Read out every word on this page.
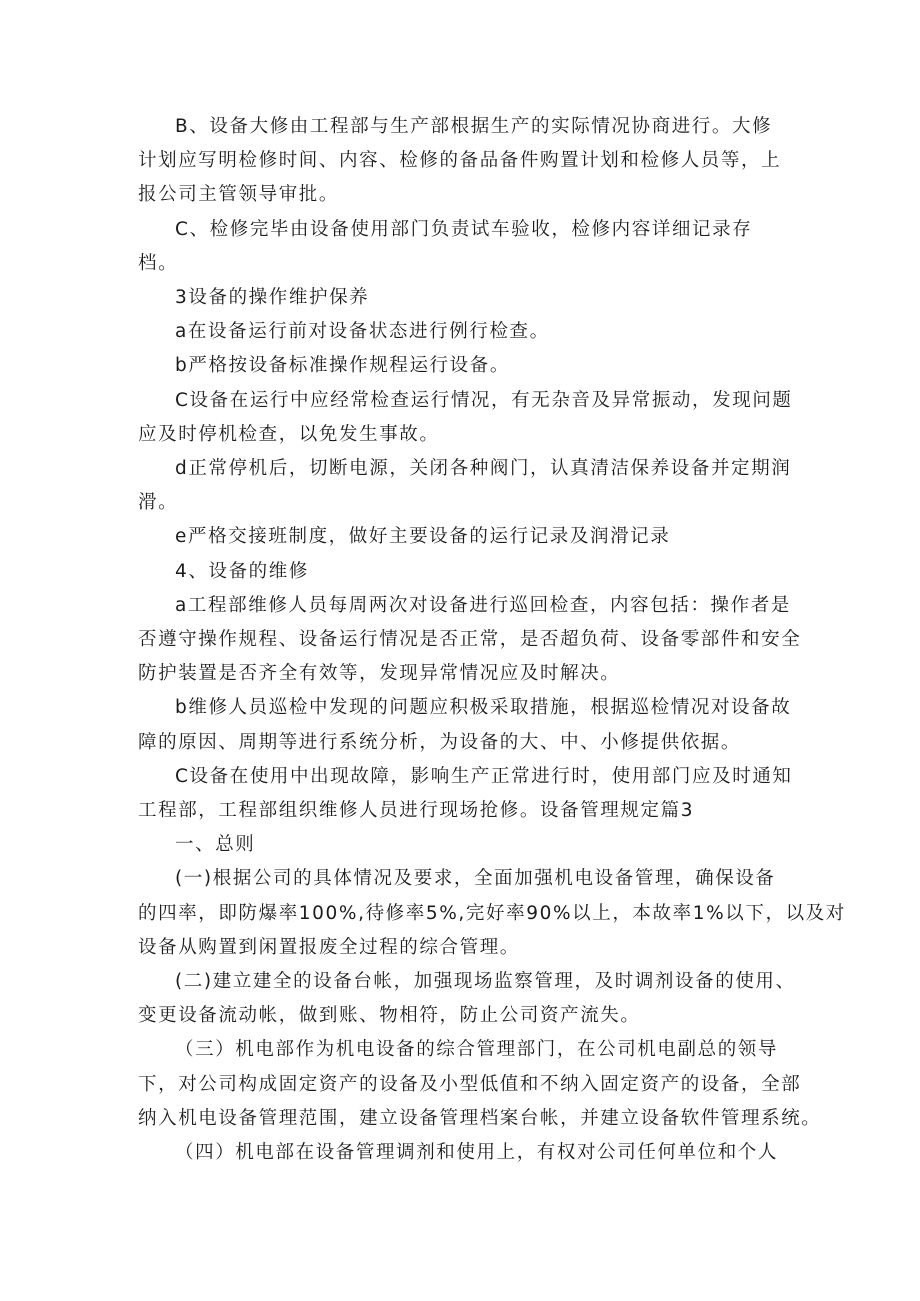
B、设备大修由工程部与生产部根据生产的实际情况协商进行。大修
计划应写明检修时间、内容、检修的备品备件购置计划和检修人员等，上
报公司主管领导审批。

C、检修完毕由设备使用部门负责试车验收，检修内容详细记录存
档。

3设备的操作维护保养

a在设备运行前对设备状态进行例行检查。

b严格按设备标准操作规程运行设备。

C设备在运行中应经常检查运行情况，有无杂音及异常振动，发现问题
应及时停机检查，以免发生事故。

d正常停机后，切断电源，关闭各种阀门，认真清洁保养设备并定期润
滑。

e严格交接班制度，做好主要设备的运行记录及润滑记录

4、设备的维修

a工程部维修人员每周两次对设备进行巡回检查，内容包括：操作者是
否遵守操作规程、设备运行情况是否正常，是否超负荷、设备零部件和安全
防护装置是否齐全有效等，发现异常情况应及时解决。

b维修人员巡检中发现的问题应积极采取措施，根据巡检情况对设备故
障的原因、周期等进行系统分析，为设备的大、中、小修提供依据。

C设备在使用中出现故障，影响生产正常进行时，使用部门应及时通知
工程部，工程部组织维修人员进行现场抢修。设备管理规定篇3

一、总则

(一)根据公司的具体情况及要求，全面加强机电设备管理，确保设备
的四率，即防爆率100%,待修率5%,完好率90%以上，本故率1%以下，以及对
设备从购置到闲置报废全过程的综合管理。

(二)建立建全的设备台帐，加强现场监察管理，及时调剂设备的使用、
变更设备流动帐，做到账、物相符，防止公司资产流失。

（三）机电部作为机电设备的综合管理部门，在公司机电副总的领导
下，对公司构成固定资产的设备及小型低值和不纳入固定资产的设备，全部
纳入机电设备管理范围，建立设备管理档案台帐，并建立设备软件管理系统。

（四）机电部在设备管理调剂和使用上，有权对公司任何单位和个人
